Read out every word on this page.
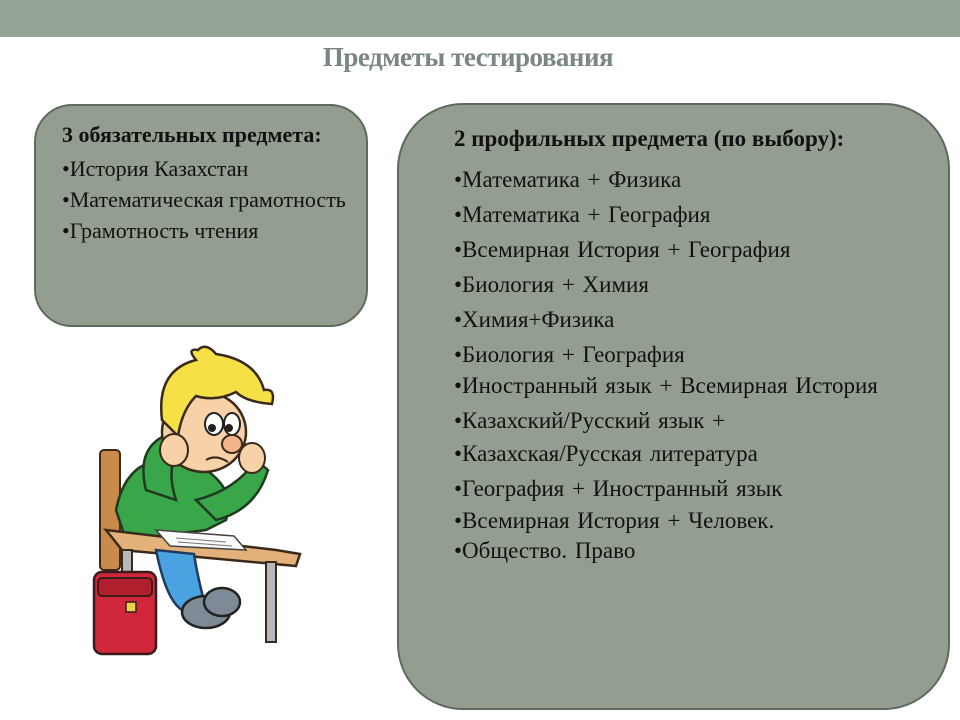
Предметы тестирования
3 обязательных предмета:

•История Казахстан

•Математическая грамотность

•Грамотность чтения

2 профильных предмета (по выбору):

•Математика + Физика

•Математика + География

•Всемирная История + География

•Биология + Химия

•Химия+Физика

•Биология + География

•Иностранный язык + Всемирная История

•Казахский/Русский язык +

•Казахская/Русская литература

•География + Иностранный язык

•Всемирная История + Человек.

•Общество. Право
